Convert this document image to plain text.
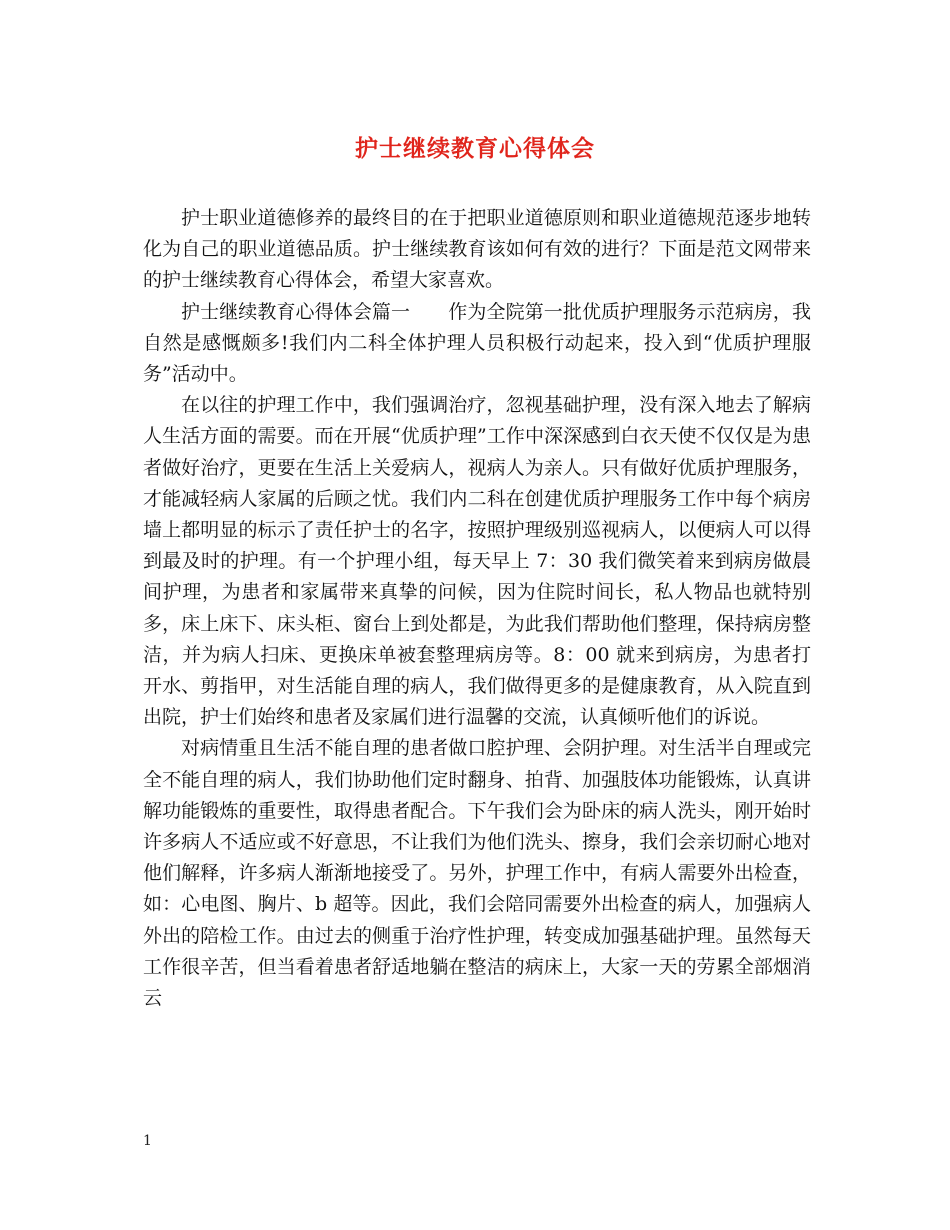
护士继续教育心得体会

护士职业道德修养的最终目的在于把职业道德原则和职业道德规范逐步地转化为自己的职业道德品质。护士继续教育该如何有效的进行？下面是范文网带来的护士继续教育心得体会，希望大家喜欢。

护士继续教育心得体会篇一　　作为全院第一批优质护理服务示范病房，我自然是感慨颇多!我们内二科全体护理人员积极行动起来，投入到“优质护理服务”活动中。

在以往的护理工作中，我们强调治疗，忽视基础护理，没有深入地去了解病人生活方面的需要。而在开展“优质护理”工作中深深感到白衣天使不仅仅是为患者做好治疗，更要在生活上关爱病人，视病人为亲人。只有做好优质护理服务，才能减轻病人家属的后顾之忧。我们内二科在创建优质护理服务工作中每个病房墙上都明显的标示了责任护士的名字，按照护理级别巡视病人，以便病人可以得到最及时的护理。有一个护理小组，每天早上 7：30 我们微笑着来到病房做晨间护理，为患者和家属带来真挚的问候，因为住院时间长，私人物品也就特别多，床上床下、床头柜、窗台上到处都是，为此我们帮助他们整理，保持病房整洁，并为病人扫床、更换床单被套整理病房等。8：00 就来到病房，为患者打开水、剪指甲，对生活能自理的病人，我们做得更多的是健康教育，从入院直到出院，护士们始终和患者及家属们进行温馨的交流，认真倾听他们的诉说。

对病情重且生活不能自理的患者做口腔护理、会阴护理。对生活半自理或完全不能自理的病人，我们协助他们定时翻身、拍背、加强肢体功能锻炼，认真讲解功能锻炼的重要性，取得患者配合。下午我们会为卧床的病人洗头，刚开始时许多病人不适应或不好意思，不让我们为他们洗头、擦身，我们会亲切耐心地对他们解释，许多病人渐渐地接受了。另外，护理工作中，有病人需要外出检查，如：心电图、胸片、b 超等。因此，我们会陪同需要外出检查的病人，加强病人外出的陪检工作。由过去的侧重于治疗性护理，转变成加强基础护理。虽然每天工作很辛苦，但当看着患者舒适地躺在整洁的病床上，大家一天的劳累全部烟消云

1
